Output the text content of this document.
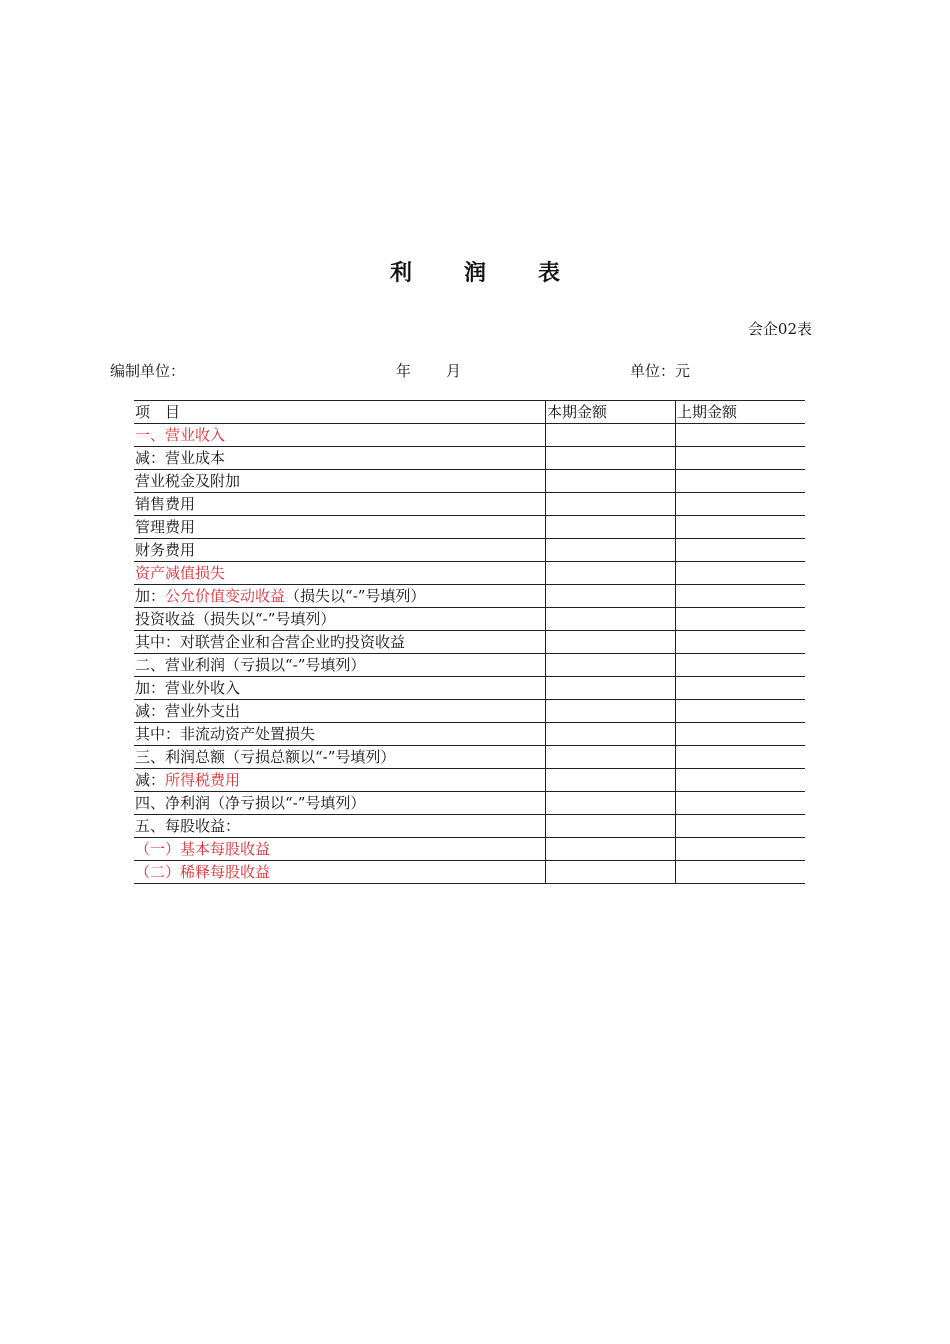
利 润 表
会企02表
编制单位：	年 月	单位：元
项　目	本期金额	上期金额
一、营业收入		
减：营业成本		
营业税金及附加		
销售费用		
管理费用		
财务费用		
资产减值损失		
加：公允价值变动收益（损失以“-”号填列）		
投资收益（损失以“-”号填列）		
其中：对联营企业和合营企业旳投资收益		
二、营业利润（亏损以“-”号填列）		
加：营业外收入		
减：营业外支出		
其中：非流动资产处置损失		
三、利润总额（亏损总额以“-”号填列）		
减：所得税费用		
四、净利润（净亏损以“-”号填列）		
五、每股收益：		
（一）基本每股收益		
（二）稀释每股收益		
